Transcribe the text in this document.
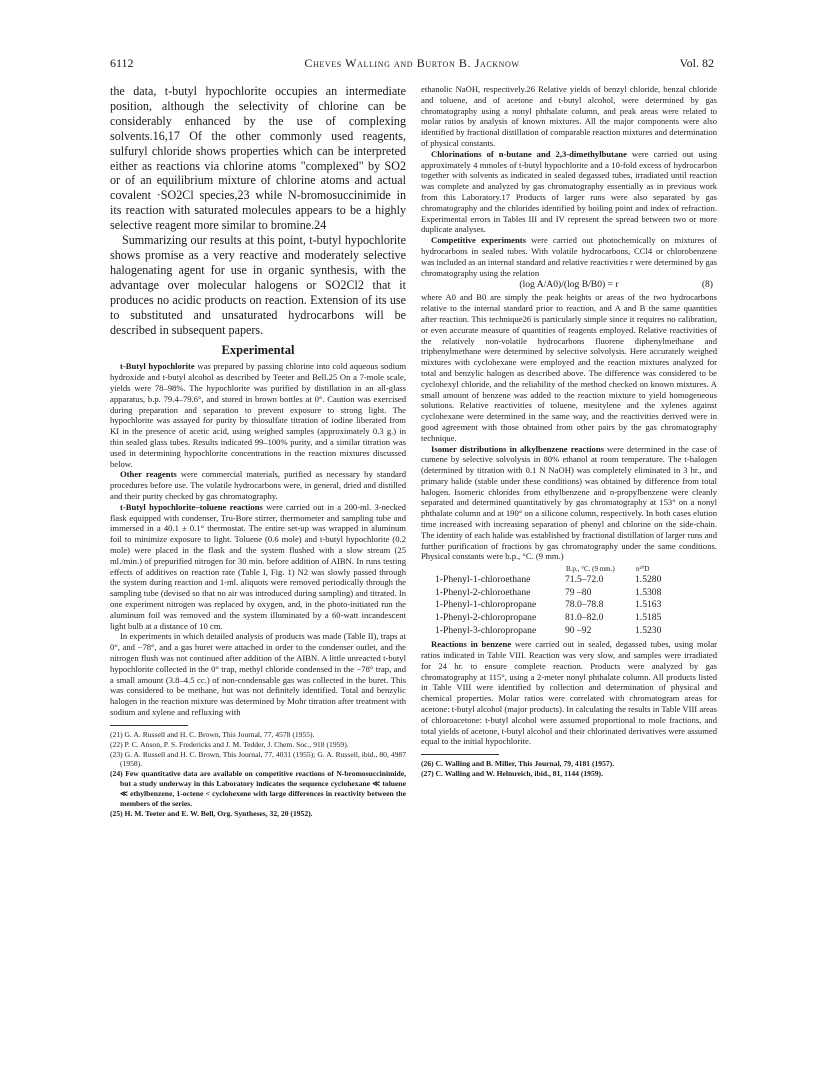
6112	Cheves Walling and Burton B. Jacknow	Vol. 82

the data, t-butyl hypochlorite occupies an intermediate position, although the selectivity of chlorine can be considerably enhanced by the use of complexing solvents.16,17 Of the other commonly used reagents, sulfuryl chloride shows properties which can be interpreted either as reactions via chlorine atoms "complexed" by SO2 or of an equilibrium mixture of chlorine atoms and actual covalent ·SO2Cl species,23 while N-bromosuccinimide in its reaction with saturated molecules appears to be a highly selective reagent more similar to bromine.24

Summarizing our results at this point, t-butyl hypochlorite shows promise as a very reactive and moderately selective halogenating agent for use in organic synthesis, with the advantage over molecular halogens or SO2Cl2 that it produces no acidic products on reaction. Extension of its use to substituted and unsaturated hydrocarbons will be described in subsequent papers.

Experimental

t-Butyl hypochlorite was prepared by passing chlorine into cold aqueous sodium hydroxide and t-butyl alcohol as described by Teeter and Bell.25 On a 7-mole scale, yields were 78–98%. The hypochlorite was purified by distillation in an all-glass apparatus, b.p. 79.4–79.6°, and stored in brown bottles at 0°. Caution was exercised during preparation and separation to prevent exposure to strong light. The hypochlorite was assayed for purity by thiosulfate titration of iodine liberated from KI in the presence of acetic acid, using weighed samples (approximately 0.3 g.) in thin sealed glass tubes. Results indicated 99–100% purity, and a similar titration was used in determining hypochlorite concentrations in the reaction mixtures discussed below.

Other reagents were commercial materials, purified as necessary by standard procedures before use. The volatile hydrocarbons were, in general, dried and distilled and their purity checked by gas chromatography.

t-Butyl hypochlorite–toluene reactions were carried out in a 200-ml. 3-necked flask equipped with condenser, Tru-Bore stirrer, thermometer and sampling tube and immersed in a 40.1 ± 0.1° thermostat. The entire set-up was wrapped in aluminum foil to minimize exposure to light. Toluene (0.6 mole) and t-butyl hypochlorite (0.2 mole) were placed in the flask and the system flushed with a slow stream (25 ml./min.) of prepurified nitrogen for 30 min. before addition of AIBN. In runs testing effects of additives on reaction rate (Table I, Fig. 1) N2 was slowly passed through the system during reaction and 1-ml. aliquots were removed periodically through the sampling tube (devised so that no air was introduced during sampling) and titrated. In one experiment nitrogen was replaced by oxygen, and, in the photo-initiated run the aluminum foil was removed and the system illuminated by a 60-watt incandescent light bulb at a distance of 10 cm.

In experiments in which detailed analysis of products was made (Table II), traps at 0°, and −78°, and a gas buret were attached in order to the condenser outlet, and the nitrogen flush was not continued after addition of the AIBN. A little unreacted t-butyl hypochlorite collected in the 0° trap, methyl chloride condensed in the −78° trap, and a small amount (3.8–4.5 cc.) of non-condensable gas was collected in the buret. This was considered to be methane, but was not definitely identified. Total and benzylic halogen in the reaction mixture was determined by Mohr titration after treatment with sodium and xylene and refluxing with

(21) G. A. Russell and H. C. Brown, This Journal, 77, 4578 (1955).

(22) P. C. Anson, P. S. Fredericks and J. M. Tedder, J. Chem. Soc., 918 (1959).

(23) G. A. Russell and H. C. Brown, This Journal, 77, 4031 (1955); G. A. Russell, ibid., 80, 4987 (1958).

(24) Few quantitative data are available on competitive reactions of N-bromosuccinimide, but a study underway in this Laboratory indicates the sequence cyclohexane ≪ toluene ≪ ethylbenzene, 1-octene < cyclohexene with large differences in reactivity between the members of the series.

(25) H. M. Teeter and E. W. Bell, Org. Syntheses, 32, 20 (1952).

ethanolic NaOH, respectively.26 Relative yields of benzyl chloride, benzal chloride and toluene, and of acetone and t-butyl alcohol, were determined by gas chromatography using a nonyl phthalate column, and peak areas were related to molar ratios by analysis of known mixtures. All the major components were also identified by fractional distillation of comparable reaction mixtures and determination of physical constants.

Chlorinations of n-butane and 2,3-dimethylbutane were carried out using approximately 4 mmoles of t-butyl hypochlorite and a 10-fold excess of hydrocarbon together with solvents as indicated in sealed degassed tubes, irradiated until reaction was complete and analyzed by gas chromatography essentially as in previous work from this Laboratory.17 Products of larger runs were also separated by gas chromatography and the chlorides identified by boiling point and index of refraction. Experimental errors in Tables III and IV represent the spread between two or more duplicate analyses.

Competitive experiments were carried out photochemically on mixtures of hydrocarbons in sealed tubes. With volatile hydrocarbons, CCl4 or chlorobenzene was included as an internal standard and relative reactivities r were determined by gas chromatography using the relation

(log A/A0)/(log B/B0) = r	(8)

where A0 and B0 are simply the peak heights or areas of the two hydrocarbons relative to the internal standard prior to reaction, and A and B the same quantities after reaction. This technique26 is particularly simple since it requires no calibration, or even accurate measure of quantities of reagents employed. Relative reactivities of the relatively non-volatile hydrocarbons fluorene diphenylmethane and triphenylmethane were determined by selective solvolysis. Here accurately weighed mixtures with cyclohexane were employed and the reaction mixtures analyzed for total and benzylic halogen as described above. The difference was considered to be cyclohexyl chloride, and the reliability of the method checked on known mixtures. A small amount of benzene was added to the reaction mixture to yield homogeneous solutions. Relative reactivities of toluene, mesitylene and the xylenes against cyclohexane were determined in the same way, and the reactivities derived were in good agreement with those obtained from other pairs by the gas chromatography technique.

Isomer distributions in alkylbenzene reactions were determined in the case of cumene by selective solvolysis in 80% ethanol at room temperature. The t-halogen (determined by titration with 0.1 N NaOH) was completely eliminated in 3 hr., and primary halide (stable under these conditions) was obtained by difference from total halogen. Isomeric chlorides from ethylbenzene and n-propylbenzene were cleanly separated and determined quantitatively by gas chromatography at 153° on a nonyl phthalate column and at 190° on a silicone column, respectively. In both cases elution time increased with increasing separation of phenyl and chlorine on the side-chain. The identity of each halide was established by fractional distillation of larger runs and further purification of fractions by gas chromatography under the same conditions. Physical constants were b.p., °C. (9 mm.)

	B.p., °C. (9 mm.)	n²⁰D
1-Phenyl-1-chloroethane	71.5–72.0	1.5280
1-Phenyl-2-chloroethane	79 –80	1.5308
1-Phenyl-1-chloropropane	78.0–78.8	1.5163
1-Phenyl-2-chloropropane	81.0–82.0	1.5185
1-Phenyl-3-chloropropane	90 –92	1.5230

Reactions in benzene were carried out in sealed, degassed tubes, using molar ratios indicated in Table VIII. Reaction was very slow, and samples were irradiated for 24 hr. to ensure complete reaction. Products were analyzed by gas chromatography at 115°, using a 2-meter nonyl phthalate column. All products listed in Table VIII were identified by collection and determination of physical and chemical properties. Molar ratios were correlated with chromatogram areas for acetone: t-butyl alcohol (major products). In calculating the results in Table VIII areas of chloroacetone: t-butyl alcohol were assumed proportional to mole fractions, and total yields of acetone, t-butyl alcohol and their chlorinated derivatives were assumed equal to the initial hypochlorite.

(26) C. Walling and B. Miller, This Journal, 79, 4181 (1957).

(27) C. Walling and W. Helmreich, ibid., 81, 1144 (1959).
